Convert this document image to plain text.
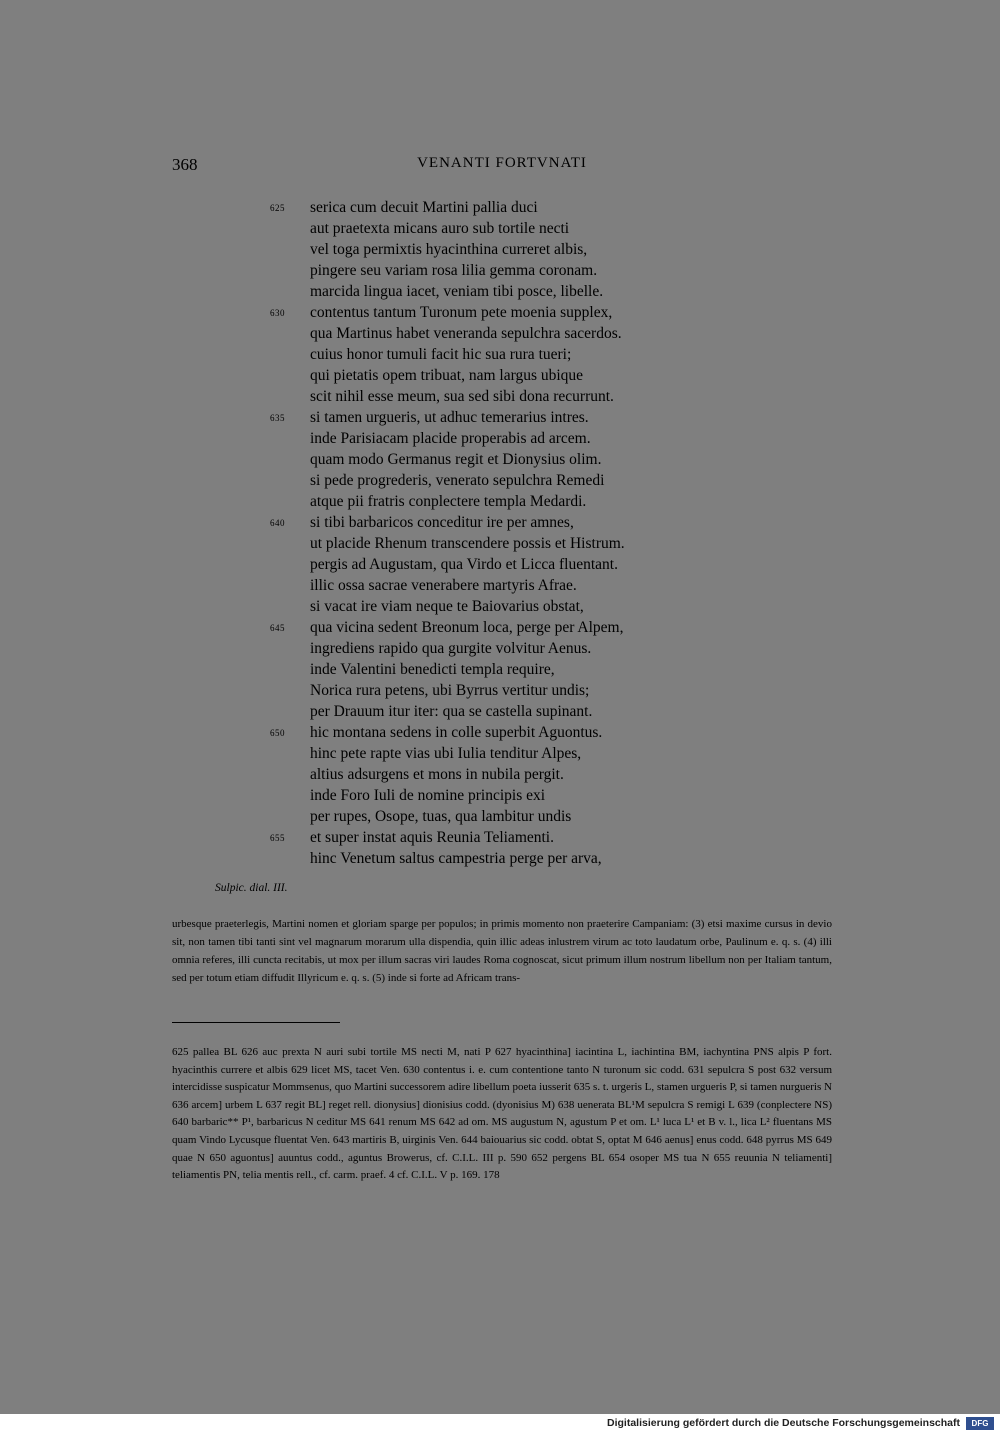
368	VENANTI FORTVNATI
625 serica cum decuit Martini pallia duci
aut praetexta micans auro sub tortile necti
vel toga permixtis hyacinthina curreret albis,
pingere seu variam rosa lilia gemma coronam.
marcida lingua iacet, veniam tibi posce, libelle.
630 contentus tantum Turonum pete moenia supplex,
qua Martinus habet veneranda sepulchra sacerdos.
cuius honor tumuli facit hic sua rura tueri;
qui pietatis opem tribuat, nam largus ubique
scit nihil esse meum, sua sed sibi dona recurrunt.
635 si tamen urgueris, ut adhuc temerarius intres.
inde Parisiacam placide properabis ad arcem.
quam modo Germanus regit et Dionysius olim.
si pede progrederis, venerato sepulchra Remedi
atque pii fratris conplectere templa Medardi.
640 si tibi barbaricos conceditur ire per amnes,
ut placide Rhenum transcendere possis et Histrum.
pergis ad Augustam, qua Virdo et Licca fluentant.
illic ossa sacrae venerabere martyris Afrae.
si vacat ire viam neque te Baiovarius obstat,
645 qua vicina sedent Breonum loca, perge per Alpem,
ingrediens rapido qua gurgite volvitur Aenus.
inde Valentini benedicti templa require,
Norica rura petens, ubi Byrrus vertitur undis;
per Drauum itur iter: qua se castella supinant.
650 hic montana sedens in colle superbit Aguontus.
hinc pete rapte vias ubi Iulia tenditur Alpes,
altius adsurgens et mons in nubila pergit.
inde Foro Iuli de nomine principis exi
per rupes, Osope, tuas, qua lambitur undis
655 et super instat aquis Reunia Teliamenti.
hinc Venetum saltus campestria perge per arva,
Sulpic. dial. III.
urbesque praeterlegis, Martini nomen et gloriam sparge per populos; in primis momento non praeterire Campaniam: (3) etsi maxime cursus in devio sit, non tamen tibi tanti sint vel magnarum morarum ulla dispendia, quin illic adeas inlustrem virum ac toto laudatum orbe, Paulinum e. q. s. (4) illi omnia referes, illi cuncta recitabis, ut mox per illum sacras viri laudes Roma cognoscat, sicut primum illum nostrum libellum non per Italiam tantum, sed per totum etiam diffudit Illyricum e. q. s. (5) inde si forte ad Africam trans-
625 pallea BL 626 auc prexta N auri subi tortile MS necti M, nati P 627 hyacinthina] iacintina L, iachintina BM, iachyntina PNS alpis P fort. hyacinthis currere et albis 629 licet MS, tacet Ven. 630 contentus i. e. cum contentione tanto N turonum sic codd. 631 sepulcra S post 632 versum intercidisse suspicatur Mommsenus, quo Martini successorem adire libellum poeta iusserit 635 s. t. urgeris L, stamen urgueris P, si tamen nurgueris N 636 arcem] urbem L 637 regit BL] reget rell. dionysius] dionisius codd. (dyonisius M) 638 ueneratа BL¹M sepulcra S remigi L 639 (conplectere NS) 640 barbaric** P¹, barbaricus N ceditur MS 641 renum MS 642 ad om. MS augustum N, agustum P et om. L¹ luca L¹ et B v. l., lica L² fluentans MS quam Vindo Lycusque fluentat Ven. 643 martiris B, uirginis Ven. 644 baiouarius sic codd. obtat S, optat M 646 aenus] enus codd. 648 pyrrus MS 649 quae N 650 aguontus] auuntus codd., aguntus Browerus, cf. C.I.L. III p. 590 652 pergens BL 654 osoper MS tua N 655 reuunia N teliamenti] teliamentis PN, telia mentis rell., cf. carm. praef. 4 cf. C.I.L. V p. 169. 178
Digitalisierung gefördert durch die Deutsche Forschungsgemeinschaft	DFG
